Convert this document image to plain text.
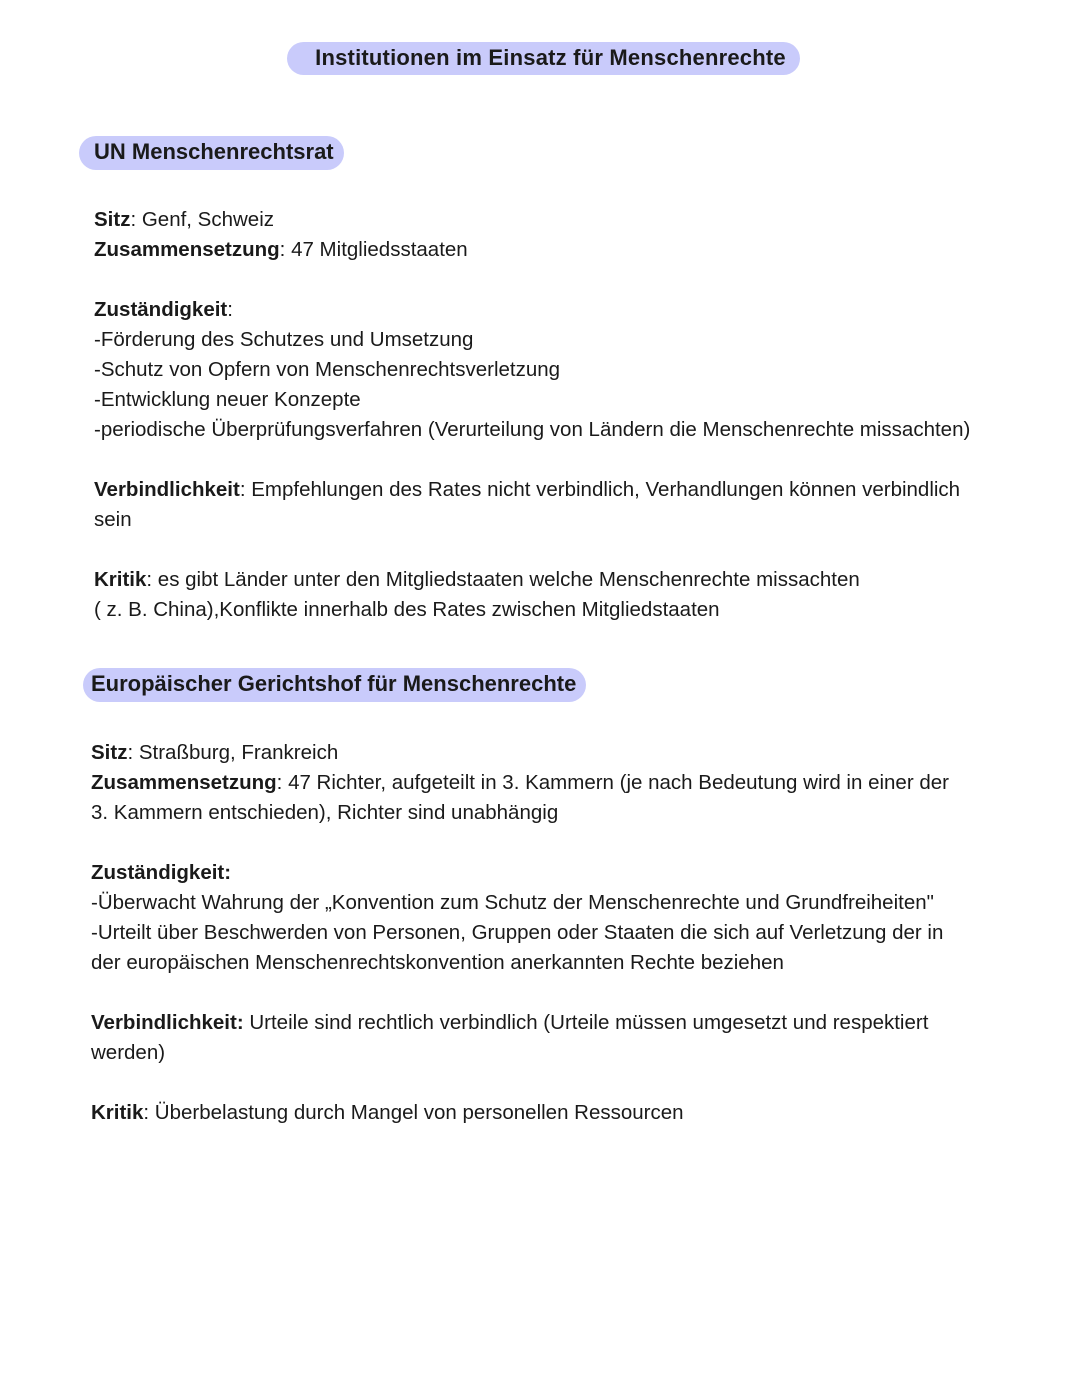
Institutionen im Einsatz für Menschenrechte
UN Menschenrechtsrat
Sitz: Genf, Schweiz
Zusammensetzung: 47 Mitgliedsstaaten
Zuständigkeit:
-Förderung des Schutzes und Umsetzung
-Schutz von Opfern von Menschenrechtsverletzung
-Entwicklung neuer Konzepte
-periodische Überprüfungsverfahren (Verurteilung von Ländern die Menschenrechte missachten)
Verbindlichkeit: Empfehlungen des Rates nicht verbindlich, Verhandlungen können verbindlich
sein
Kritik: es gibt Länder unter den Mitgliedstaaten welche Menschenrechte missachten
( z. B. China),Konflikte innerhalb des Rates zwischen Mitgliedstaaten
Europäischer Gerichtshof für Menschenrechte
Sitz: Straßburg, Frankreich
Zusammensetzung: 47 Richter, aufgeteilt in 3. Kammern (je nach Bedeutung wird in einer der
3. Kammern entschieden), Richter sind unabhängig
Zuständigkeit:
-Überwacht Wahrung der „Konvention zum Schutz der Menschenrechte und Grundfreiheiten"
-Urteilt über Beschwerden von Personen, Gruppen oder Staaten die sich auf Verletzung der in
der europäischen Menschenrechtskonvention anerkannten Rechte beziehen
Verbindlichkeit: Urteile sind rechtlich verbindlich (Urteile müssen umgesetzt und respektiert
werden)
Kritik: Überbelastung durch Mangel von personellen Ressourcen
